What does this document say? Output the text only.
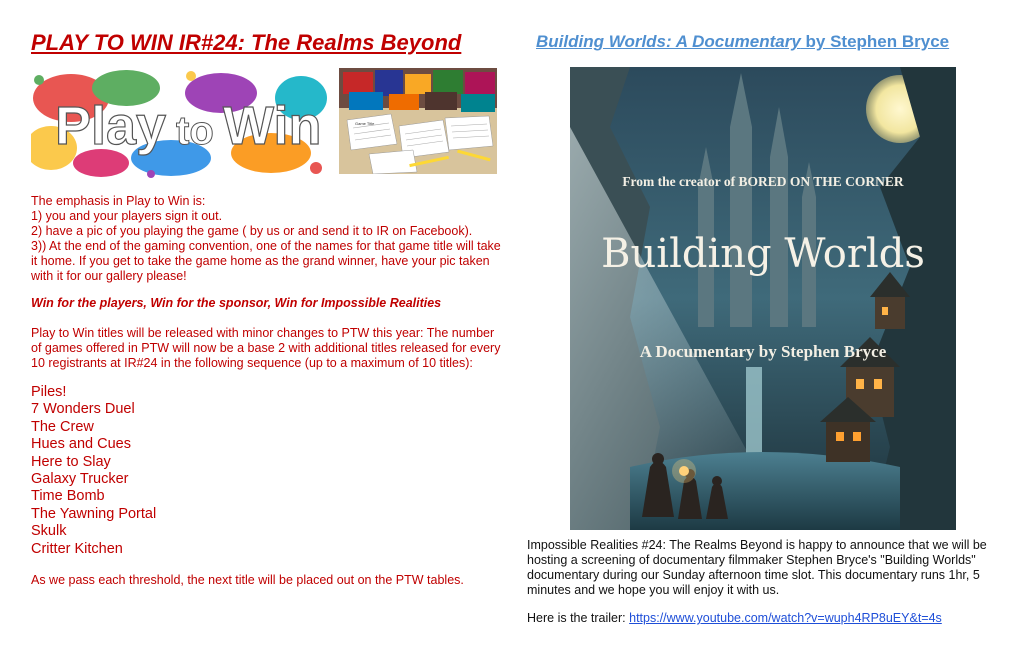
PLAY TO WIN IR#24: The Realms Beyond
Play to Win	Game Title

The emphasis in Play to Win is:

1) you and your players sign it out.

2) have a pic of you playing the game ( by us or and send it to IR on Facebook).

3)) At the end of the gaming convention, one of the names for that game title will take it home. If you get to take the game home as the grand winner, have your pic taken with it for our gallery please!

Win for the players, Win for the sponsor, Win for Impossible Realities

Play to Win titles will be released with minor changes to PTW this year: The number of games offered in PTW will now be a base 2 with additional titles released for every 10 registrants at IR#24 in the following sequence (up to a maximum of 10 titles):

Piles!
7 Wonders Duel
The Crew
Hues and Cues
Here to Slay
Galaxy Trucker
Time Bomb
The Yawning Portal
Skulk
Critter Kitchen

As we pass each threshold, the next title will be placed out on the PTW tables.

Building Worlds: A Documentary by Stephen Bryce
From the creator of BORED ON THE CORNER
Building Worlds
A Documentary by Stephen Bryce

Impossible Realities #24: The Realms Beyond is happy to announce that we will be hosting a screening of documentary filmmaker Stephen Bryce's "Building Worlds" documentary during our Sunday afternoon time slot. This documentary runs 1hr, 5 minutes and we hope you will enjoy it with us.

Here is the trailer: https://www.youtube.com/watch?v=wuph4RP8uEY&t=4s
